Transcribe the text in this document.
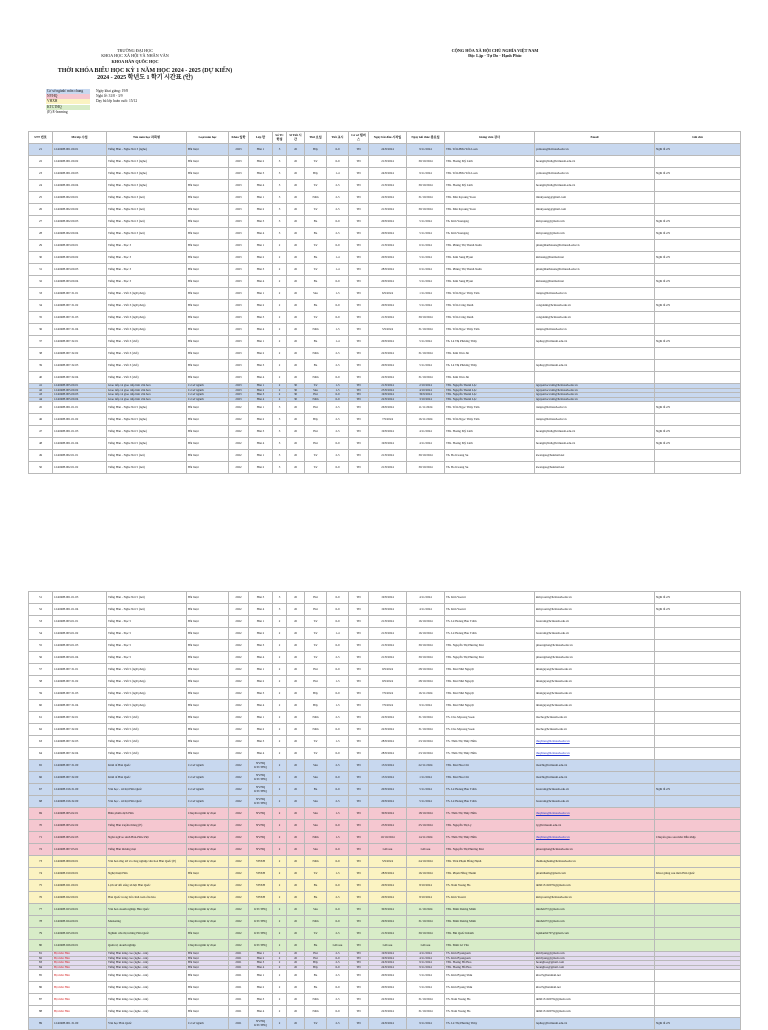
TRƯỜNG ĐẠI HỌC
KHOA HỌC XÃ HỘI VÀ NHÂN VĂN
KHOA HÀN QUỐC HỌC
CỘNG HÒA XÃ HỘI CHỦ NGHĨA VIỆT NAM
Độc Lập - Tự Do - Hạnh Phúc
THỜI KHÓA BIỂU HỌC KỲ 1 NĂM HỌC 2024 - 2025 (DỰ KIẾN)
2024 - 2025 학년도 1 학기 시간표 (안)
Cơ sở ngành/ môn chung	Ngày khai giảng: 19/8
NVHQ	Nghỉ lễ: 31/8 - 3/9
VHXH	Dạy bù lớp hoàn cuối: 15/12
KTCTHQ
(E) E-learning
STT 번호	Mã lớp 수업	Tên môn học 과목명	Loại môn học	Khóa 입학	Lớp 반	Số TC 학점	Sĩ Tiết 시간	Thứ 요일	Tiết 교시	Cơ sở 캠퍼스	Ngày bắt đầu 시작일	Ngày kết thúc 종료일	Giảng viên 강사	Email	Ghi chú
21	124ORH.001.00.01	Tiếng Hàn - Nghe Nói 3 (nghe)	Bắt buộc	2023	Hàn 1	3	45	Bảy	6-9	TĐ	24/8/2024	9/11/2024	ThS. Trần Hữu Yến Loan	yenloan@hcmussh.edu.vn	Nghỉ lễ 2/9
22	124ORH.001.00.02	Tiếng Hàn - Nghe Nói 3 (nghe)	Bắt buộc	2023	Hàn 2	3	45	Tư	6-9	TĐ	21/8/2024	30/10/2024	ThS. Hoàng Mỹ Linh	hoangmylinh@hcmussh.edu.vn	
23	124ORH.001.00.03	Tiếng Hàn - Nghe Nói 3 (nghe)	Bắt buộc	2023	Hàn 3	3	45	Bảy	1-4	TĐ	24/8/2024	9/11/2024	ThS. Trần Hữu Yến Loan	yenloan@hcmussh.edu.vn	Nghỉ lễ 2/9
24	124ORH.001.00.04	Tiếng Hàn - Nghe Nói 3 (nghe)	Bắt buộc	2023	Hàn 4	3	45	Tư	2-5	TĐ	21/8/2024	30/10/2024	ThS. Hoàng Mỹ Linh	hoangmylinh@hcmussh.edu.vn	
25	124ORH.002.00.01	Tiếng Hàn - Nghe Nói 3 (nói)	Bắt buộc	2023	Hàn 1	3	45	Năm	2-5	TĐ	22/8/2024	31/10/2024	ThS. Min Kyoung Yoon	minkyoung@gmail.com	
26	124ORH.002.00.02	Tiếng Hàn - Nghe Nói 3 (nói)	Bắt buộc	2023	Hàn 2	3	45	Tư	2-5	TĐ	21/8/2024	30/10/2024	ThS. Min Kyoung Yoon	minkyoung@gmail.com	
27	124ORH.002.00.03	Tiếng Hàn - Nghe Nói 3 (nói)	Bắt buộc	2023	Hàn 3	3	45	Ba	6-9	TĐ	20/8/2024	5/11/2024	Th. Kim Youngsig	kimyoung@gmail.com	Nghỉ lễ 2/9
28	124ORH.002.00.04	Tiếng Hàn - Nghe Nói 3 (nói)	Bắt buộc	2023	Hàn 4	3	45	Ba	2-5	TĐ	20/8/2024	5/11/2024	Th. Kim Youngsig	kimyoung@gmail.com	Nghỉ lễ 2/9
29	124ORH.003.00.01	Tiếng Hàn - Đọc 3	Bắt buộc	2023	Hàn 1	2	45	Tư	6-9	TĐ	21/8/2024	6/11/2024	ThS. Phùng Thị Thanh Xuân	phungthanhxuan@hcmussh.edu.vn	
30	124ORH.003.00.02	Tiếng Hàn - Đọc 3	Bắt buộc	2023	Hàn 2	2	45	Ba	1-4	TĐ	20/8/2024	5/11/2024	ThS. Kim Sung Hyun	kimsung@hanmail.net	Nghỉ lễ 2/9
31	124ORH.003.00.03	Tiếng Hàn - Đọc 3	Bắt buộc	2023	Hàn 3	2	45	Tư	1-4	TĐ	28/8/2024	6/11/2024	ThS. Phùng Thị Thanh Xuân	phungthanhxuan@hcmussh.edu.vn	
32	124ORH.003.00.04	Tiếng Hàn - Đọc 3	Bắt buộc	2023	Hàn 4	2	45	Ba	6-9	TĐ	20/8/2024	5/11/2024	ThS. Kim Sung Hyun	kimsung@hanmail.net	Nghỉ lễ 2/9
33	124ORH.007.31.01	Tiếng Hàn - Viết 3 (ngữ pháp)	Bắt buộc	2023	Hàn 1	2	45	Sáu	1-5	TĐ	6/9/2024	1/11/2024	ThS. Trần Ngọc Thùy Tiên	tienpn@hcmussh.edu.vn	
34	124ORH.007.31.02	Tiếng Hàn - Viết 3 (ngữ pháp)	Bắt buộc	2023	Hàn 2	2	45	Ba	6-9	TĐ	20/8/2024	5/11/2024	ThS. Trần Công Danh	congdanh@hcmussh.edu.vn	Nghỉ lễ 2/9
35	124ORH.007.31.03	Tiếng Hàn - Viết 3 (ngữ pháp)	Bắt buộc	2023	Hàn 3	2	45	Tư	6-9	TĐ	21/8/2024	30/10/2024	ThS. Trần Công Danh	congdanh@hcmussh.edu.vn	
36	124ORH.007.31.04	Tiếng Hàn - Viết 3 (ngữ pháp)	Bắt buộc	2023	Hàn 4	2	45	Năm	1-5	TĐ	5/9/2024	31/10/2024	ThS. Trần Ngọc Thùy Tiên	tienpn@hcmussh.edu.vn	
37	124ORH.007.32.01	Tiếng Hàn - Viết 3 (viết)	Bắt buộc	2023	Hàn 1	2	45	Ba	1-4	TĐ	20/8/2024	5/11/2024	Th. Lê Thị Phương Thủy	lephuy@hcmussh.edu.vn	Nghỉ lễ 2/9
38	124ORH.007.32.02	Tiếng Hàn - Viết 3 (viết)	Bắt buộc	2023	Hàn 2	2	45	Năm	2-5	TĐ	22/8/2024	31/10/2024	ThS. Kim Won Jin		
39	124ORH.007.32.03	Tiếng Hàn - Viết 3 (viết)	Bắt buộc	2023	Hàn 3	2	45	Ba	2-5	TĐ	20/8/2024	5/11/2024	Th. Lê Thị Phương Thủy	lephuy@hcmussh.edu.vn	
40	124ORH.007.32.04	Tiếng Hàn - Viết 3 (viết)	Bắt buộc	2023	Hàn 4	2	45	Năm	6-9	TĐ	22/8/2024	31/10/2024	ThS. Kim Won Jin		
41	124ORH.005.00.01	Giao tiếp và giao tiếp liên văn hoá	Cơ sở ngành	2023	Hàn 1	2	30	Tư	1-5	TĐ	21/8/2024	2/10/2024	ThS. Nguyễn Thanh Lộc	nguyenlocvanh@hcmussh.edu.vn	
42	124ORH.005.00.02	Giao tiếp và giao tiếp liên văn hoá	Cơ sở ngành	2023	Hàn 2	2	30	Sáu	1-5	TĐ	23/8/2024	4/10/2024	ThS. Nguyễn Thanh Lộc	nguyenlocvanh@hcmussh.edu.vn	
43	124ORH.005.00.03	Giao tiếp và giao tiếp liên văn hoá	Cơ sở ngành	2023	Hàn 3	2	30	Hai	6-9	TĐ	19/8/2024	30/9/2024	ThS. Nguyễn Thanh Lộc	nguyenlocvanh@hcmussh.edu.vn	
44	124ORH.005.00.04	Giao tiếp và giao tiếp liên văn hoá	Cơ sở ngành	2023	Hàn 4	2	30	Năm	6-9	TĐ	22/8/2024	3/10/2024	ThS. Nguyễn Thanh Lộc	nguyenlocvanh@hcmussh.edu.vn	
45	124ORH.001.01.01	Tiếng Hàn - Nghe Nói 5 (nghe)	Bắt buộc	2022	Hàn 1	3	45	Hai	2-5	TĐ	26/8/2024	11/11/2024	ThS. Trần Ngọc Thùy Tiên	tienpn@hcmussh.edu.vn	Nghỉ lễ 2/9
46	124ORH.001.01.02	Tiếng Hàn - Nghe Nói 5 (nghe)	Bắt buộc	2022	Hàn 2	3	45	Bảy	2-5	TĐ	7/9/2024	16/11/2024	ThS. Trần Ngọc Thùy Tiên	tienpn@hcmussh.edu.vn	
47	124ORH.001.01.03	Tiếng Hàn - Nghe Nói 5 (nghe)	Bắt buộc	2022	Hàn 3	3	45	Hai	2-5	TĐ	19/8/2024	4/11/2024	ThS. Hoàng Mỹ Linh	hoangmylinh@hcmussh.edu.vn	Nghỉ lễ 2/9
48	124ORH.001.01.04	Tiếng Hàn - Nghe Nói 5 (nghe)	Bắt buộc	2022	Hàn 4	3	45	Hai	6-9	TĐ	19/8/2024	4/11/2024	ThS. Hoàng Mỹ Linh	hoangmylinh@hcmussh.edu.vn	Nghỉ lễ 2/9
49	124ORH.002.01.01	Tiếng Hàn - Nghe Nói 5 (nói)	Bắt buộc	2022	Hàn 1	3	45	Tư	2-5	TĐ	21/8/2024	30/10/2024	Th. Bo Kwang Su	kwangsu@hanmail.net	
50	124ORH.002.01.02	Tiếng Hàn - Nghe Nói 5 (nói)	Bắt buộc	2022	Hàn 2	3	45	Tư	6-9	TĐ	21/8/2024	30/10/2024	Th. Bo Kwang Su	kwangsu@hanmail.net	
51	124ORH.001.01.03	Tiếng Hàn - Nghe Nói 5 (nói)	Bắt buộc	2022	Hàn 3	3	45	Hai	6-9	TĐ	19/8/2024	4/11/2024	Th. Kim Yoonri	kimyoonri@hcmussh.edu.vn	Nghỉ lễ 2/9
52	124ORH.001.01.04	Tiếng Hàn - Nghe Nói 5 (nói)	Bắt buộc	2022	Hàn 4	3	45	Hai	6-9	TĐ	19/8/2024	4/11/2024	Th. Kim Yoonri	kimyoonri@hcmussh.edu.vn	Nghỉ lễ 2/9
53	124ORH.003.01.01	Tiếng Hàn - Đọc 5	Bắt buộc	2022	Hàn 1	2	45	Tư	6-9	TĐ	21/8/2024	16/10/2024	TS. Lê Hoàng Bảo Trâm	baotram@hcmussh.edu.vn	
54	124ORH.003.01.02	Tiếng Hàn - Đọc 5	Bắt buộc	2022	Hàn 2	2	45	Tư	1-4	TĐ	21/8/2024	16/10/2024	TS. Lê Hoàng Bảo Trâm	baotram@hcmussh.edu.vn	
55	124ORH.003.01.03	Tiếng Hàn - Đọc 5	Bắt buộc	2022	Hàn 3	2	45	Tư	6-9	TĐ	21/8/2024	30/10/2024	ThS. Nguyễn Thị Phương Mai	phuongmai@hcmussh.edu.vn	
56	124ORH.003.01.04	Tiếng Hàn - Đọc 5	Bắt buộc	2022	Hàn 4	2	45	Tư	2-5	TĐ	21/8/2024	30/10/2024	ThS. Nguyễn Thị Phương Mai	phuongmai@hcmussh.edu.vn	
57	124ORH.007.31.01	Tiếng Hàn - Viết 5 (ngữ pháp)	Bắt buộc	2022	Hàn 1	2	45	Hai	6-9	TĐ	9/9/2024	28/10/2024	ThS. Mai Như Nguyệt	nhunguyet@hcmussh.edu.vn	
58	124ORH.007.31.02	Tiếng Hàn - Viết 5 (ngữ pháp)	Bắt buộc	2022	Hàn 2	2	45	Hai	1-5	TĐ	9/9/2024	28/10/2024	ThS. Mai Như Nguyệt	nhunguyet@hcmussh.edu.vn	
59	124ORH.007.31.03	Tiếng Hàn - Viết 5 (ngữ pháp)	Bắt buộc	2022	Hàn 3	2	45	Bảy	6-9	TĐ	7/9/2024	16/11/2024	ThS. Mai Như Nguyệt	nhunguyet@hcmussh.edu.vn	
60	124ORH.007.31.04	Tiếng Hàn - Viết 5 (ngữ pháp)	Bắt buộc	2022	Hàn 4	2	45	Bảy	1-5	TĐ	7/9/2024	9/11/2024	ThS. Mai Như Nguyệt	nhunguyet@hcmussh.edu.vn	
61	124ORH.007.32.01	Tiếng Hàn - Viết 5 (viết)	Bắt buộc	2022	Hàn 1	2	45	Năm	2-5	TĐ	22/8/2024	31/10/2024	TS. Cho Myeong Sook	mscho@hcmussh.edu.vn	
62	124ORH.007.32.02	Tiếng Hàn - Viết 5 (viết)	Bắt buộc	2022	Hàn 2	2	45	Năm	6-9	TĐ	22/8/2024	31/10/2024	TS. Cho Myeong Sook	mscho@hcmussh.edu.vn	
63	124ORH.007.32.03	Tiếng Hàn - Viết 5 (viết)	Bắt buộc	2022	Hàn 3	2	45	Tư	1-5	TĐ	28/8/2024	23/10/2024	TS. Thân Thị Thủy Hiền	thuyhien@hcmussh.edu.vn	
64	124ORH.007.32.04	Tiếng Hàn - Viết 5 (viết)	Bắt buộc	2022	Hàn 4	2	45	Tư	6-9	TĐ	28/8/2024	23/10/2024	TS. Thân Thị Thủy Hiền	thuyhien@hcmussh.edu.vn	
65	124ORH.007.31.00	Kinh tế Hàn Quốc	Cơ sở ngành	2022	NVHQ KTCTHQ	2	45	Sáu	2-5	TĐ	13/9/2024	22/11/2024	ThS. Mai Hoa Chi	maichi@hcmussh.edu.vn	
66	124ORH.007.32.00	Kinh tế Hàn Quốc	Cơ sở ngành	2022	NVHQ KTCTHQ	2	45	Sáu	6-9	TĐ	13/9/2024	1/11/2024	ThS. Mai Hoa Chi	maichi@hcmussh.edu.vn	
67	124ORH.016.31.00	Văn học - xã hội Hàn Quốc	Cơ sở ngành	2022	NVHQ KTCTHQ	2	45	Ba	6-9	TĐ	20/8/2024	5/11/2024	TS. Lê Hoàng Bảo Trâm	baotram@hcmussh.edu.vn	Nghỉ lễ 2/9
68	124ORH.016.32.00	Văn học - xã hội Hàn Quốc	Cơ sở ngành	2022	NVHQ KTCTHQ	2	45	Sáu	2-5	TĐ	20/8/2024	5/11/2024	TS. Lê Hoàng Bảo Trâm	baotram@hcmussh.edu.vn	
69	124ORH.005.02.01	Biên phiên dịch Hàn	Chuyên ngành tự chọn	2022	NVHQ	2	45	Sáu	1-5	TĐ	30/8/2024	18/10/2024	TS. Thân Thị Thủy Hiền	thuyhien@hcmussh.edu.vn	
70	124ORH.005.02.02	Tiếng Hàn truyền thông (E)	Chuyên ngành tự chọn	2022	NVHQ	2	45	Sáu	6-9	TĐ	23/8/2024	25/10/2024	ThS. Nguyễn Thị Ly	ly@hcmussh.edu.vn	
71	124ORH.005.02.03	Ngôn ngữ so sánh Hàn-Hàn-Việt	Chuyên ngành tự chọn	2022	NVHQ	2	45	Năm	1-5	TĐ	10/10/2024	14/11/2024	TS. Thân Thị Thủy Hiền	thuyhien@hcmussh.edu.vn	Chuyển giao sau môn Dẫn nhập
72	124ORH.007.03.01	Tiếng Hàn thương mại	Chuyên ngành tự chọn	2022	NVHQ	2	45	Sáu	6-9	TĐ	Gửi sau	Gửi sau	ThS. Nguyễn Thị Phương Mai	phuongmai@hcmussh.edu.vn	
73	124ORH.009.00.01	Văn hoá ứng xử và công nghiệp văn hoá Hàn Quốc (E)	Chuyên ngành tự chọn	2022	VHXH	2	45	Năm	6-9	TĐ	5/9/2024	24/10/2024	ThS. Thái Phạm Hồng Hạnh	thaihonghanh@hcmussh.edu.vn	
74	124ORH.010.00.01	Nghệ thuật Hàn	Bắt buộc	2022	VHXH	2	45	Tư	1-5	TĐ	28/8/2024	16/10/2024	ThS. Phạm Hồng Thanh	phamthanh@gmail.com	Khoá giảng sau môn Hàn Quốc
75	124ORH.021.00.01	Lịch sử đối sống xã hội Hàn Quốc	Chuyên ngành tự chọn	2022	VHXH	2	45	Ba	6-9	TĐ	20/8/2024	8/10/2024	TS. Nam Young Ha	nhh015102079@gmail.com	
76	124ORH.022.00.01	Hàn Quốc trong bối cảnh toàn cầu hóa	Chuyên ngành tự chọn	2022	VHXH	2	45	Ba	2-5	TĐ	20/8/2024	8/10/2024	TS. Kim Yoonri	kimyoonri@hcmussh.edu.vn	
77	124ORH.023.00.01	Văn hoá doanh nghiệp Hàn Quốc	Chuyên ngành tự chọn	2022	KTCTHQ	2	45	Sáu	6-9	TĐ	30/8/2024	11/10/2024	ThS. Đinh Dương Minh	minhdd77@gmail.com	
78	124ORH.024.00.01	Marketing	Chuyên ngành tự chọn	2022	KTCTHQ	2	45	Năm	6-9	TĐ	29/8/2024	31/10/2024	ThS. Đinh Dương Minh	minhdd77@gmail.com	
79	124ORH.025.00.01	Nghiên cứu thị trường Hàn Quốc	Bắt buộc	2022	KTCTHQ	2	45	Tư	2-5	TĐ	21/8/2024	30/10/2024	ThS. Bùi Quốc Khánh	bqkhanh2707@gmail.com	
80	124ORH.026.00.01	Quản trị doanh nghiệp	Chuyên ngành tự chọn	2022	KTCTHQ	2	45	Ba	Gửi sau	TĐ	Gửi sau	Gửi sau	ThS. Đinh Lê Văn		
81	Bộ môn Hàn	Tiếng Hàn nâng cao (nghe - nói)	Bắt buộc	2021	Hàn 1	2	45	Hai	2-5	TĐ	19/8/2024	4/11/2024	TS. Kim Byungsam	kimbyung@gmail.com	
82	Bộ môn Hàn	Tiếng Hàn nâng cao (nghe - nói)	Bắt buộc	2021	Hàn 2	2	45	Hai	6-9	TĐ	19/8/2024	4/11/2024	TS. Kim Byungsam	kimbyung@gmail.com	
83	Bộ môn Hàn	Tiếng Hàn nâng cao (nghe - nói)	Bắt buộc	2021	Hàn 3	2	45	Bảy	2-5	TĐ	24/8/2024	9/11/2024	ThS. Hoàng Hồ Hoa	hoanghoa@gmail.com	
84	Bộ môn Hàn	Tiếng Hàn nâng cao (nghe - nói)	Bắt buộc	2021	Hàn 4	2	45	Bảy	6-9	TĐ	24/8/2024	9/11/2024	ThS. Hoàng Hồ Hoa	hoanghoa@gmail.com	
85	Bộ môn Hàn	Tiếng Hàn nâng cao (nghe - nói)	Bắt buộc	2021	Hàn 1	2	45	Ba	2-5	TĐ	20/8/2024	5/11/2024	TS. Kim Byung Shik	kbs23@hanmail.net	
86	Bộ môn Hàn	Tiếng Hàn nâng cao (nghe - nói)	Bắt buộc	2021	Hàn 2	2	45	Ba	6-9	TĐ	20/8/2024	5/11/2024	TS. Kim Byung Shik	kbs23@hanmail.net	
87	Bộ môn Hàn	Tiếng Hàn nâng cao (nghe - nói)	Bắt buộc	2021	Hàn 3	2	45	Năm	2-5	TĐ	22/8/2024	31/10/2024	TS. Nam Young Ha	nhh015102079@gmail.com	
88	Bộ môn Hàn	Tiếng Hàn nâng cao (nghe - nói)	Bắt buộc	2021	Hàn 4	2	45	Năm	6-9	TĐ	22/8/2024	31/10/2024	TS. Nam Young Ha	nhh015102079@gmail.com	
89	124ORH.001.31.00	Văn học Hàn Quốc	Cơ sở ngành	2021	NVHQ KTCTHQ	2	45	Tư	2-5	TĐ	24/8/2024	9/11/2024	TS. Lê Thị Phương Thủy	lephuy@hcmussh.edu.vn	Nghỉ lễ 2/9
